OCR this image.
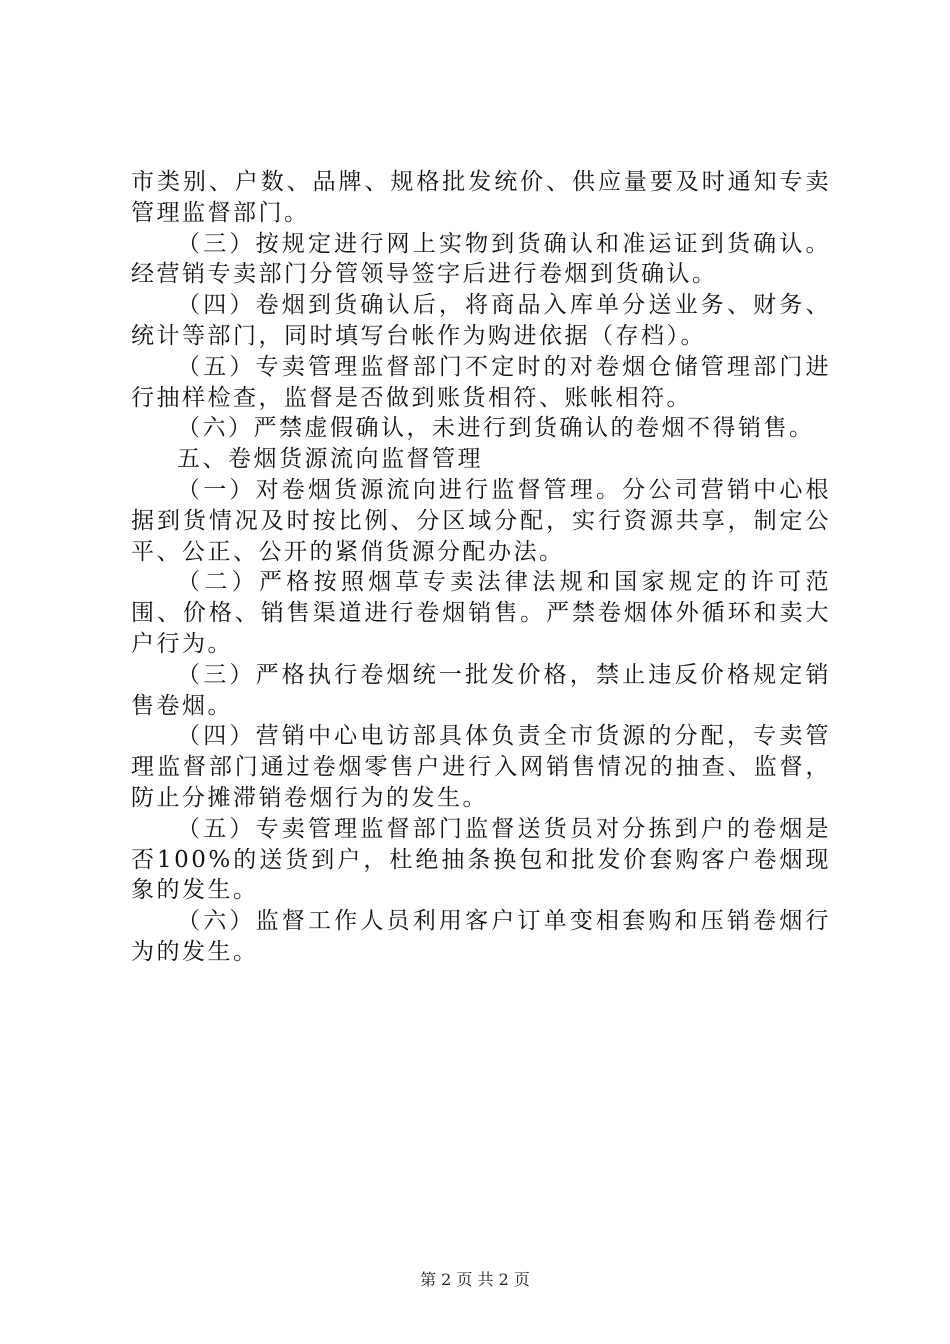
市类别、户数、品牌、规格批发统价、供应量要及时通知专卖管理监督部门。

（三）按规定进行网上实物到货确认和准运证到货确认。经营销专卖部门分管领导签字后进行卷烟到货确认。

（四）卷烟到货确认后，将商品入库单分送业务、财务、统计等部门，同时填写台帐作为购进依据（存档）。

（五）专卖管理监督部门不定时的对卷烟仓储管理部门进行抽样检查，监督是否做到账货相符、账帐相符。

（六）严禁虚假确认，未进行到货确认的卷烟不得销售。

五、卷烟货源流向监督管理

（一）对卷烟货源流向进行监督管理。分公司营销中心根据到货情况及时按比例、分区域分配，实行资源共享，制定公平、公正、公开的紧俏货源分配办法。

（二）严格按照烟草专卖法律法规和国家规定的许可范围、价格、销售渠道进行卷烟销售。严禁卷烟体外循环和卖大户行为。

（三）严格执行卷烟统一批发价格，禁止违反价格规定销售卷烟。

（四）营销中心电访部具体负责全市货源的分配，专卖管理监督部门通过卷烟零售户进行入网销售情况的抽查、监督，防止分摊滞销卷烟行为的发生。

（五）专卖管理监督部门监督送货员对分拣到户的卷烟是否100%的送货到户，杜绝抽条换包和批发价套购客户卷烟现象的发生。

（六）监督工作人员利用客户订单变相套购和压销卷烟行为的发生。

第 2 页 共 2 页
